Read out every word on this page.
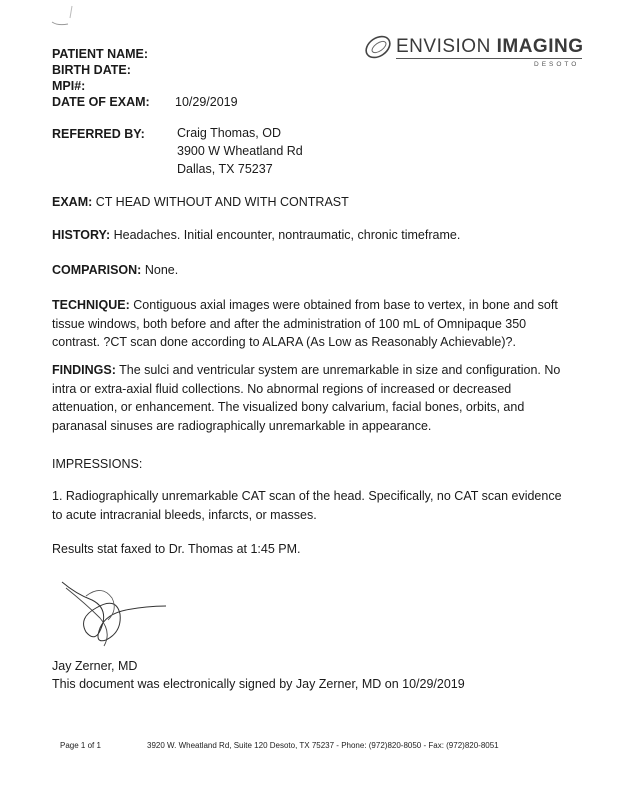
PATIENT NAME:
BIRTH DATE:
MPI#:
DATE OF EXAM: 10/29/2019
ENVISION IMAGING
DESOTO
REFERRED BY:	Craig Thomas, OD
3900 W Wheatland Rd
Dallas, TX 75237
EXAM: CT HEAD WITHOUT AND WITH CONTRAST
HISTORY: Headaches. Initial encounter, nontraumatic, chronic timeframe.
COMPARISON: None.
TECHNIQUE: Contiguous axial images were obtained from base to vertex, in bone and soft tissue windows, both before and after the administration of 100 mL of Omnipaque 350 contrast. ?CT scan done according to ALARA (As Low as Reasonably Achievable)?.
FINDINGS: The sulci and ventricular system are unremarkable in size and configuration. No intra or extra-axial fluid collections. No abnormal regions of increased or decreased attenuation, or enhancement. The visualized bony calvarium, facial bones, orbits, and paranasal sinuses are radiographically unremarkable in appearance.
IMPRESSIONS:
1. Radiographically unremarkable CAT scan of the head. Specifically, no CAT scan evidence to acute intracranial bleeds, infarcts, or masses.
Results stat faxed to Dr. Thomas at 1:45 PM.
Jay Zerner, MD
This document was electronically signed by Jay Zerner, MD on 10/29/2019
Page 1 of 1	3920 W. Wheatland Rd, Suite 120 Desoto, TX 75237 - Phone: (972)820-8050 - Fax: (972)820-8051
